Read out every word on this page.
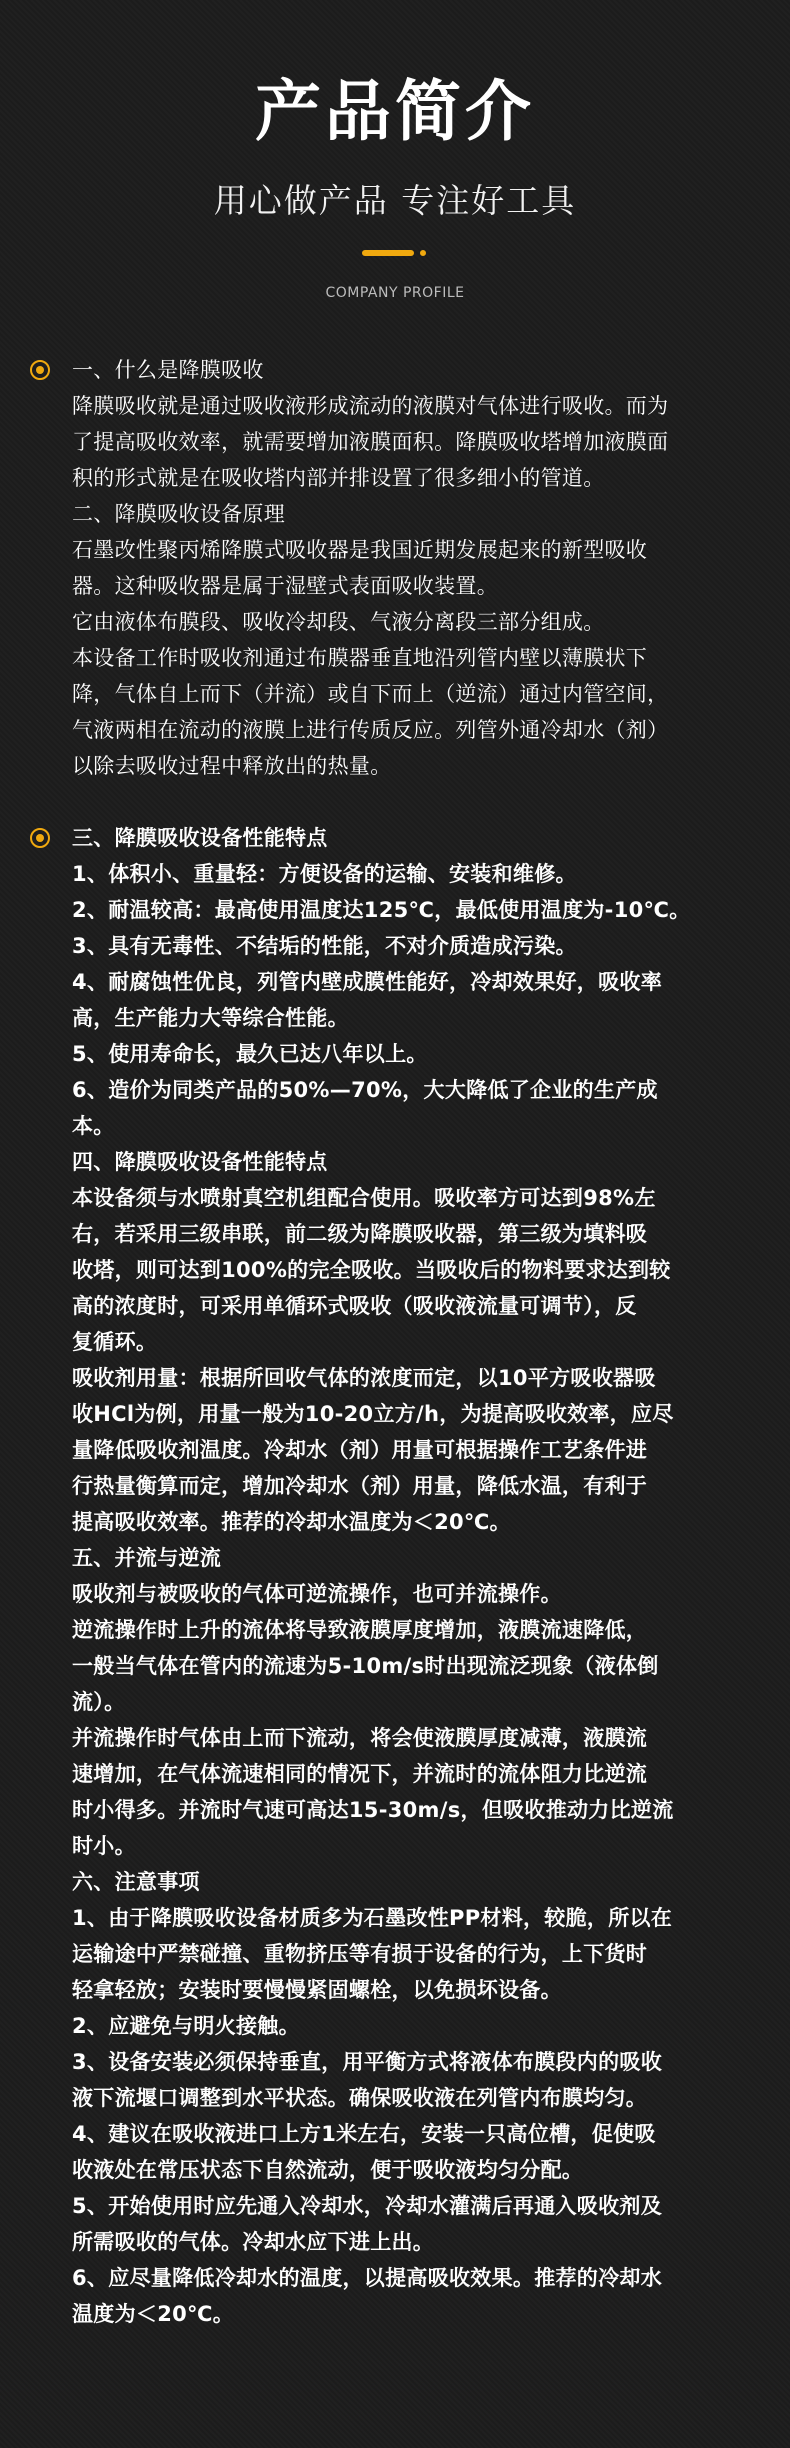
产品简介
用心做产品 专注好工具
COMPANY PROFILE
一、什么是降膜吸收
降膜吸收就是通过吸收液形成流动的液膜对气体进行吸收。而为
了提高吸收效率，就需要增加液膜面积。降膜吸收塔增加液膜面
积的形式就是在吸收塔内部并排设置了很多细小的管道。
二、降膜吸收设备原理
石墨改性聚丙烯降膜式吸收器是我国近期发展起来的新型吸收
器。这种吸收器是属于湿壁式表面吸收装置。
它由液体布膜段、吸收冷却段、气液分离段三部分组成。
本设备工作时吸收剂通过布膜器垂直地沿列管内壁以薄膜状下
降，气体自上而下（并流）或自下而上（逆流）通过内管空间，
气液两相在流动的液膜上进行传质反应。列管外通冷却水（剂）
以除去吸收过程中释放出的热量。
三、降膜吸收设备性能特点
1、体积小、重量轻：方便设备的运输、安装和维修。
2、耐温较高：最高使用温度达125℃，最低使用温度为-10℃。
3、具有无毒性、不结垢的性能，不对介质造成污染。
4、耐腐蚀性优良，列管内壁成膜性能好，冷却效果好，吸收率
高，生产能力大等综合性能。
5、使用寿命长，最久已达八年以上。
6、造价为同类产品的50%—70%，大大降低了企业的生产成
本。
四、降膜吸收设备性能特点
本设备须与水喷射真空机组配合使用。吸收率方可达到98%左
右，若采用三级串联，前二级为降膜吸收器，第三级为填料吸
收塔，则可达到100%的完全吸收。当吸收后的物料要求达到较
高的浓度时，可采用单循环式吸收（吸收液流量可调节），反
复循环。
吸收剂用量：根据所回收气体的浓度而定，以10平方吸收器吸
收HCl为例，用量一般为10-20立方/h，为提高吸收效率，应尽
量降低吸收剂温度。冷却水（剂）用量可根据操作工艺条件进
行热量衡算而定，增加冷却水（剂）用量，降低水温，有利于
提高吸收效率。推荐的冷却水温度为＜20℃。
五、并流与逆流
吸收剂与被吸收的气体可逆流操作，也可并流操作。
逆流操作时上升的流体将导致液膜厚度增加，液膜流速降低，
一般当气体在管内的流速为5-10m/s时出现流泛现象（液体倒
流）。
并流操作时气体由上而下流动，将会使液膜厚度减薄，液膜流
速增加，在气体流速相同的情况下，并流时的流体阻力比逆流
时小得多。并流时气速可高达15-30m/s，但吸收推动力比逆流
时小。
六、注意事项
1、由于降膜吸收设备材质多为石墨改性PP材料，较脆，所以在
运输途中严禁碰撞、重物挤压等有损于设备的行为，上下货时
轻拿轻放；安装时要慢慢紧固螺栓，以免损坏设备。
2、应避免与明火接触。
3、设备安装必须保持垂直，用平衡方式将液体布膜段内的吸收
液下流堰口调整到水平状态。确保吸收液在列管内布膜均匀。
4、建议在吸收液进口上方1米左右，安装一只高位槽，促使吸
收液处在常压状态下自然流动，便于吸收液均匀分配。
5、开始使用时应先通入冷却水，冷却水灌满后再通入吸收剂及
所需吸收的气体。冷却水应下进上出。
6、应尽量降低冷却水的温度，以提高吸收效果。推荐的冷却水
温度为＜20℃。
